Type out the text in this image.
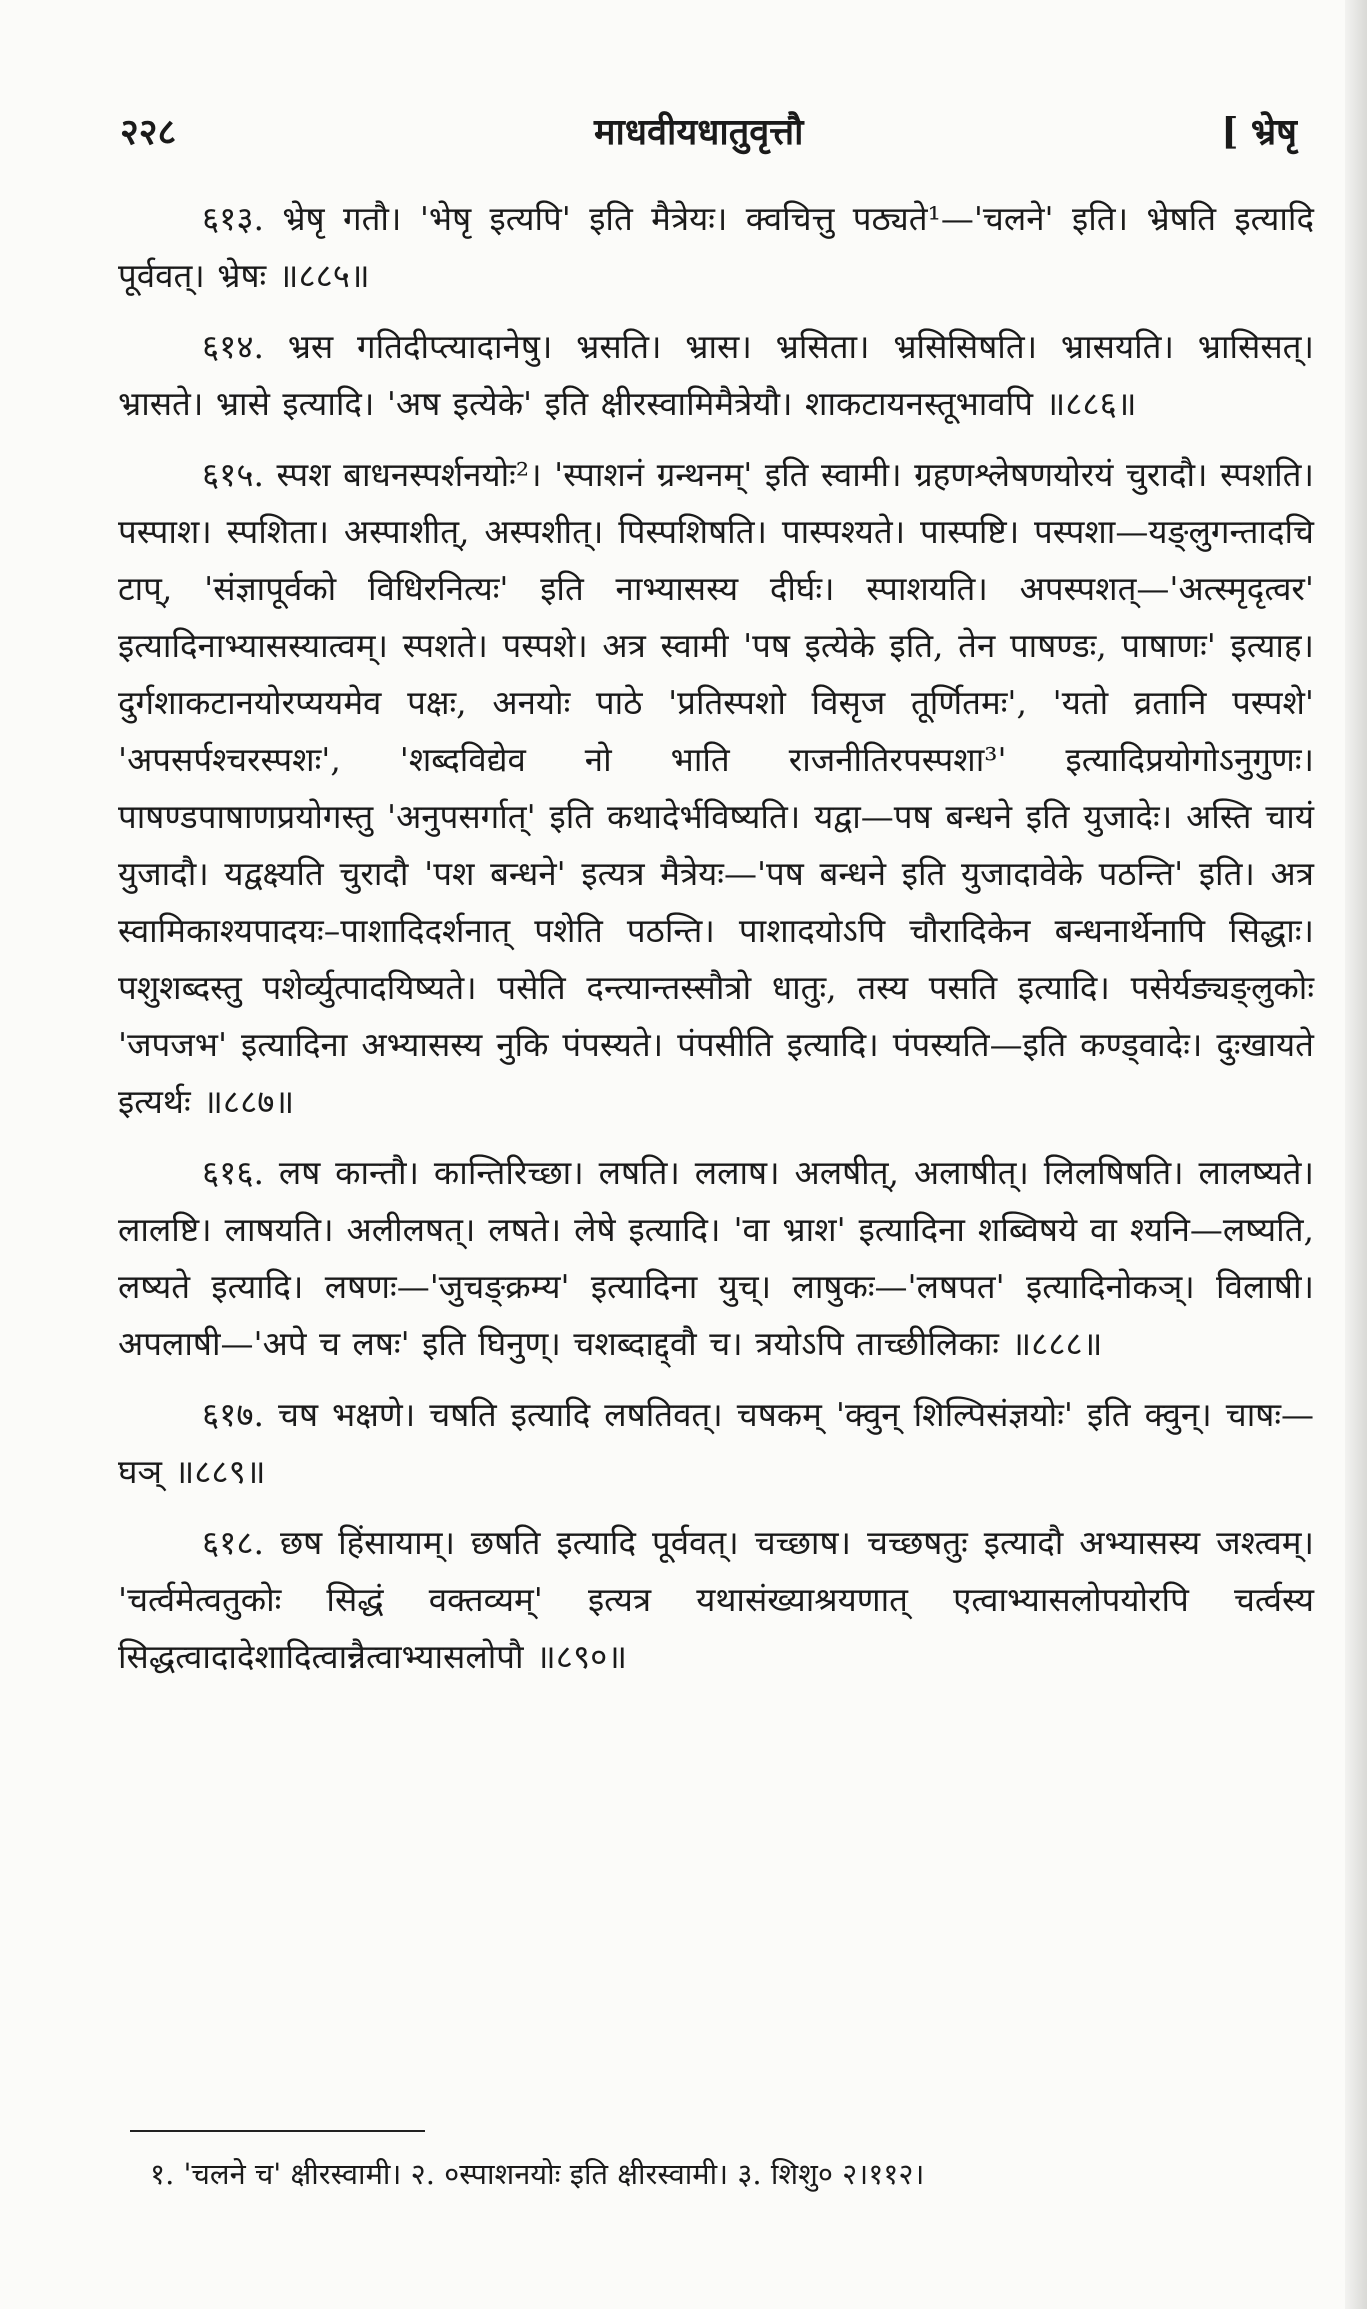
२२८	माधवीयधातुवृत्तौ	[ भ्रेषृ

६१३. भ्रेषृ गतौ। 'भेषृ इत्यपि' इति मैत्रेयः। क्वचित्तु पठ्यते¹—'चलने' इति। भ्रेषति इत्यादि पूर्ववत्। भ्रेषः ॥८८५॥

६१४. भ्रस गतिदीप्त्यादानेषु। भ्रसति। भ्रास। भ्रसिता। भ्रसिसिषति। भ्रासयति। भ्रासिसत्। भ्रासते। भ्रासे इत्यादि। 'अष इत्येके' इति क्षीरस्वामिमैत्रेयौ। शाकटायनस्तूभावपि ॥८८६॥

६१५. स्पश बाधनस्पर्शनयोः²। 'स्पाशनं ग्रन्थनम्' इति स्वामी। ग्रहणश्लेषणयोरयं चुरादौ। स्पशति। पस्पाश। स्पशिता। अस्पाशीत्, अस्पशीत्। पिस्पशिषति। पास्पश्यते। पास्पष्टि। पस्पशा—यङ्लुगन्तादचि टाप्, 'संज्ञापूर्वको विधिरनित्यः' इति नाभ्यासस्य दीर्घः। स्पाशयति। अपस्पशत्—'अत्स्मृदृत्वर' इत्यादिनाभ्यासस्यात्वम्। स्पशते। पस्पशे। अत्र स्वामी 'पष इत्येके इति, तेन पाषण्डः, पाषाणः' इत्याह। दुर्गशाकटानयोरप्ययमेव पक्षः, अनयोः पाठे 'प्रतिस्पशो विसृज तूर्णितमः', 'यतो व्रतानि पस्पशे' 'अपसर्पश्चरस्पशः', 'शब्दविद्येव नो भाति राजनीतिरपस्पशा³' इत्यादिप्रयोगोऽनुगुणः। पाषण्डपाषाणप्रयोगस्तु 'अनुपसर्गात्' इति कथादेर्भविष्यति। यद्वा—पष बन्धने इति युजादेः। अस्ति चायं युजादौ। यद्वक्ष्यति चुरादौ 'पश बन्धने' इत्यत्र मैत्रेयः—'पष बन्धने इति युजादावेके पठन्ति' इति। अत्र स्वामिकाश्यपादयः–पाशादिदर्शनात् पशेति पठन्ति। पाशादयोऽपि चौरादिकेन बन्धनार्थेनापि सिद्धाः। पशुशब्दस्तु पशेर्व्युत्पादयिष्यते। पसेति दन्त्यान्तस्सौत्रो धातुः, तस्य पसति इत्यादि। पसेर्यङ्यङ्लुकोः 'जपजभ' इत्यादिना अभ्यासस्य नुकि पंपस्यते। पंपसीति इत्यादि। पंपस्यति—इति कण्ड्वादेः। दुःखायते इत्यर्थः ॥८८७॥

६१६. लष कान्तौ। कान्तिरिच्छा। लषति। ललाष। अलषीत्, अलाषीत्। लिलषिषति। लालष्यते। लालष्टि। लाषयति। अलीलषत्। लषते। लेषे इत्यादि। 'वा भ्राश' इत्यादिना शब्विषये वा श्यनि—लष्यति, लष्यते इत्यादि। लषणः—'जुचङ्क्रम्य' इत्यादिना युच्। लाषुकः—'लषपत' इत्यादिनोकञ्। विलाषी। अपलाषी—'अपे च लषः' इति घिनुण्। चशब्दाद्द्वौ च। त्रयोऽपि ताच्छीलिकाः ॥८८८॥

६१७. चष भक्षणे। चषति इत्यादि लषतिवत्। चषकम् 'क्वुन् शिल्पिसंज्ञयोः' इति क्वुन्। चाषः—घञ् ॥८८९॥

६१८. छष हिंसायाम्। छषति इत्यादि पूर्ववत्। चच्छाष। चच्छषतुः इत्यादौ अभ्यासस्य जश्त्वम्। 'चर्त्वमेत्वतुकोः सिद्धं वक्तव्यम्' इत्यत्र यथासंख्याश्रयणात् एत्वाभ्यासलोपयोरपि चर्त्वस्य सिद्धत्वादादेशादित्वान्नैत्वाभ्यासलोपौ ॥८९०॥

१. 'चलने च' क्षीरस्वामी। २. ०स्पाशनयोः इति क्षीरस्वामी। ३. शिशु० २।११२।
